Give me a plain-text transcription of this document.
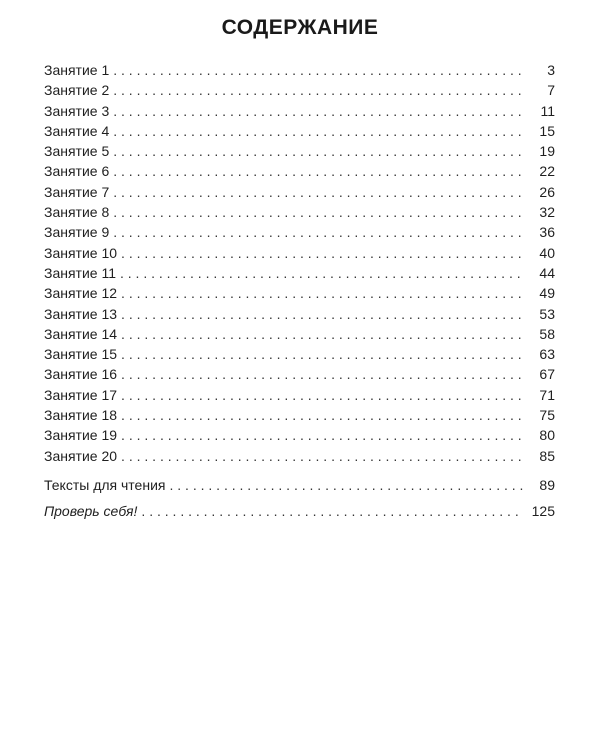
СОДЕРЖАНИЕ
Занятие 1 . . .	3
Занятие 2 . . .	7
Занятие 3 . . .	11
Занятие 4 . . .	15
Занятие 5 . . .	19
Занятие 6 . . .	22
Занятие 7 . . .	26
Занятие 8 . . .	32
Занятие 9 . . .	36
Занятие 10 . . .	40
Занятие 11 . . .	44
Занятие 12 . . .	49
Занятие 13 . . .	53
Занятие 14 . . .	58
Занятие 15 . . .	63
Занятие 16 . . .	67
Занятие 17 . . .	71
Занятие 18 . . .	75
Занятие 19 . . .	80
Занятие 20 . . .	85
Тексты для чтения . . .	89
Проверь себя! . . .	125
